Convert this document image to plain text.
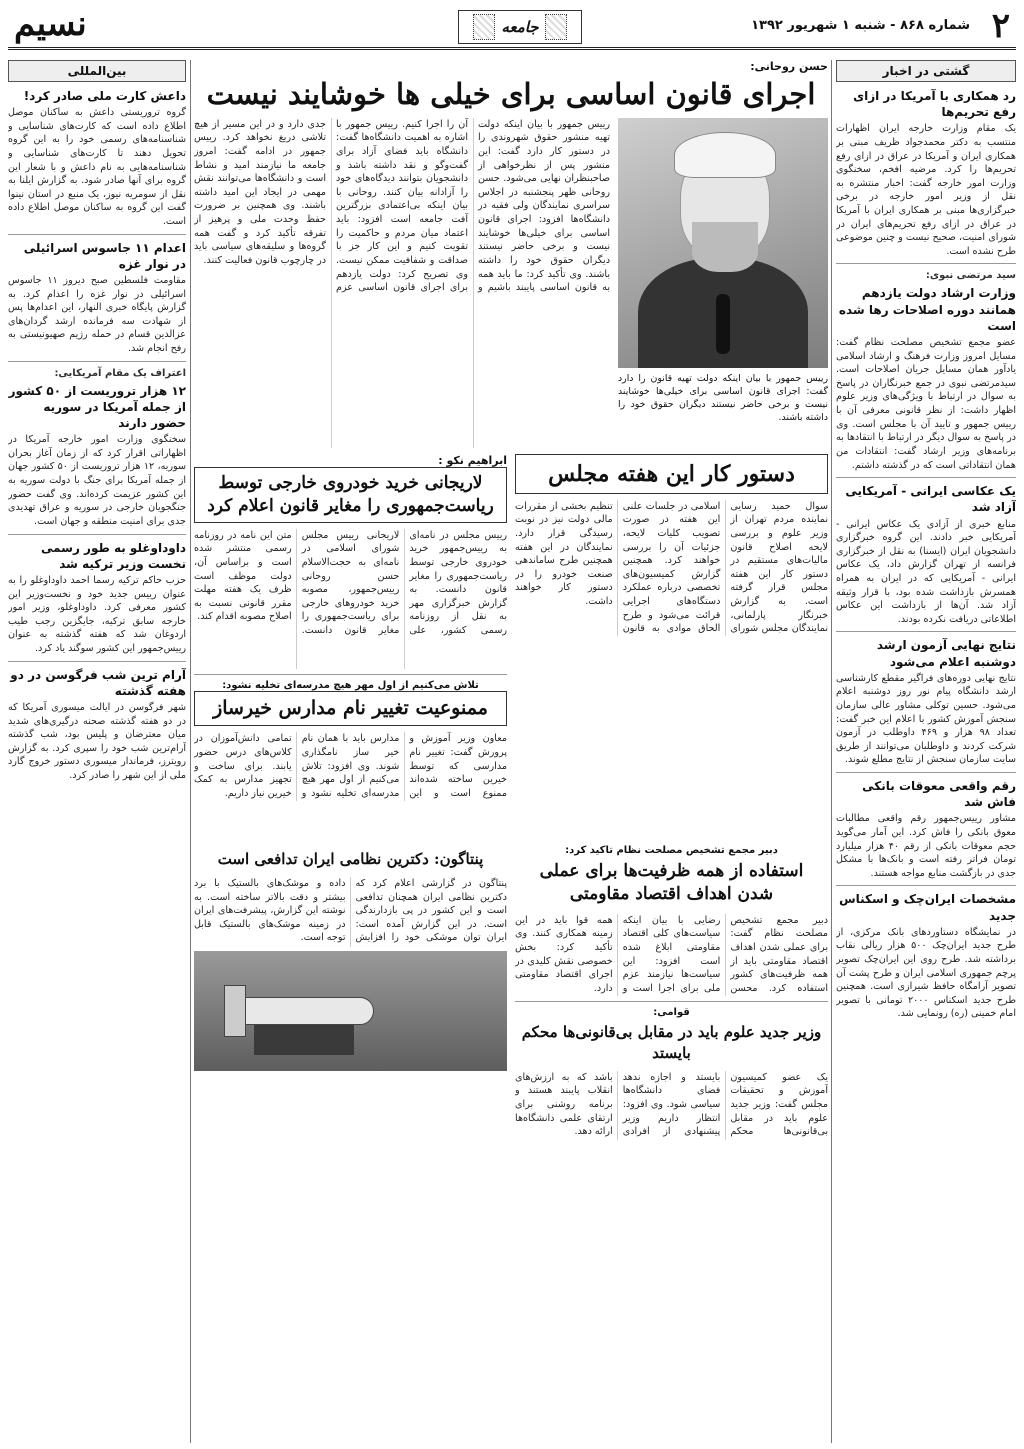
۲
شماره ۸۶۸ - شنبه ۱ شهریور ۱۳۹۲
جامعه
نسیم
گشتی در اخبار
رد همکاری با آمریکا در ازای رفع تحریم‌ها

یک مقام وزارت خارجه ایران اظهارات منتسب به دکتر محمدجواد ظریف مبنی بر همکاری ایران و آمریکا در عراق در ازای رفع تحریم‌ها را کرد. مرضیه افخم، سخنگوی وزارت امور خارجه گفت: اخبار منتشره به نقل از وزیر امور خارجه در برخی خبرگزاری‌ها مبنی بر همکاری ایران با آمریکا در عراق در ازای رفع تحریم‌های ایران در شورای امنیت، صحیح نیست و چنین موضوعی طرح نشده است.

سید مرتضی نبوی:
وزارت ارشاد دولت یازدهم همانند دوره اصلاحات رها شده است

عضو مجمع تشخیص مصلحت نظام گفت: مسایل امروز وزارت فرهنگ و ارشاد اسلامی یادآور همان مسایل جریان اصلاحات است. سیدمرتضی نبوی در جمع خبرنگاران در پاسخ به سوال در ارتباط با ویژگی‌های وزیر علوم اظهار داشت: از نظر قانونی معرفی آن با رییس جمهور و تایید آن با مجلس است. وی در پاسخ به سوال دیگر در ارتباط با انتقادها به برنامه‌های وزیر ارشاد گفت: انتقادات من همان انتقاداتی است که در گذشته داشتم.

یک عکاسی ایرانی - آمریکایی آزاد شد

منابع خبری از آزادی یک عکاس ایرانی - آمریکایی خبر دادند. این گروه خبرگزاری دانشجویان ایران (ایسنا) به نقل از خبرگزاری فرانسه از تهران گزارش داد، یک عکاس ایرانی - آمریکایی که در ایران به همراه همسرش بازداشت شده بود، با قرار وثیقه آزاد شد. آن‌ها از بازداشت این عکاس اطلاعاتی دریافت نکرده بودند.

نتایج نهایی آزمون ارشد دوشنبه اعلام می‌شود

نتایج نهایی دوره‌های فراگیر مقطع کارشناسی ارشد دانشگاه پیام نور روز دوشنبه اعلام می‌شود. حسین توکلی مشاور عالی سازمان سنجش آموزش کشور با اعلام این خبر گفت: تعداد ۹۸ هزار و ۴۶۹ داوطلب در آزمون شرکت کردند و داوطلبان می‌توانند از طریق سایت سازمان سنجش از نتایج مطلع شوند.

رقم واقعی معوقات بانکی فاش شد

مشاور رییس‌جمهور رقم واقعی مطالبات معوق بانکی را فاش کرد. این آمار می‌گوید حجم معوقات بانکی از رقم ۴۰ هزار میلیارد تومان فراتر رفته است و بانک‌ها با مشکل جدی در بازگشت منابع مواجه هستند.

مشخصات ایران‌چک و اسکناس جدید

در نمایشگاه دستاوردهای بانک مرکزی، از طرح جدید ایران‌چک ۵۰۰ هزار ریالی نقاب برداشته شد. طرح روی این ایران‌چک تصویر پرچم جمهوری اسلامی ایران و طرح پشت آن تصویر آرامگاه حافظ شیرازی است. همچنین طرح جدید اسکناس ۲۰۰۰ تومانی با تصویر امام خمینی (ره) رونمایی شد.

بین‌المللی
داعش کارت ملی صادر کرد!

گروه تروریستی داعش به ساکنان موصل اطلاع داده است که کارت‌های شناسایی و شناسنامه‌های رسمی خود را به این گروه تحویل دهند تا کارت‌های شناسایی و شناسنامه‌هایی به نام داعش و با شعار این گروه برای آنها صادر شود. به گزارش ایلنا به نقل از سومریه نیوز، یک منبع در استان نینوا گفت این گروه به ساکنان موصل اطلاع داده است.

اعدام ۱۱ جاسوس اسرائیلی در نوار غزه

مقاومت فلسطین صبح دیروز ۱۱ جاسوس اسرائیلی در نوار غزه را اعدام کرد. به گزارش پایگاه خبری النهار، این اعدام‌ها پس از شهادت سه فرمانده ارشد گردان‌های عزالدین قسام در حمله رژیم صهیونیستی به رفح انجام شد.

اعتراف یک مقام آمریکایی:
۱۲ هزار تروریست از ۵۰ کشور از جمله آمریکا در سوریه حضور دارند

سخنگوی وزارت امور خارجه آمریکا در اظهاراتی اقرار کرد که از زمان آغاز بحران سوریه، ۱۲ هزار تروریست از ۵۰ کشور جهان از جمله آمریکا برای جنگ با دولت سوریه به این کشور عزیمت کرده‌اند. وی گفت حضور جنگجویان خارجی در سوریه و عراق تهدیدی جدی برای امنیت منطقه و جهان است.

داوداوغلو به طور رسمی نخست وزیر ترکیه شد

حزب حاکم ترکیه رسما احمد داوداوغلو را به عنوان رییس جدید خود و نخست‌وزیر این کشور معرفی کرد. داوداوغلو، وزیر امور خارجه سابق ترکیه، جایگزین رجب طیب اردوغان شد که هفته گذشته به عنوان رییس‌جمهور این کشور سوگند یاد کرد.

آرام ترین شب فرگوسن در دو هفته گذشته

شهر فرگوسن در ایالت میسوری آمریکا که در دو هفته گذشته صحنه درگیری‌های شدید میان معترضان و پلیس بود، شب گذشته آرام‌ترین شب خود را سپری کرد. به گزارش رویترز، فرماندار میسوری دستور خروج گارد ملی از این شهر را صادر کرد.

حسن روحانی:
اجرای قانون اساسی برای خیلی ها خوشایند نیست

رییس جمهور با بیان اینکه دولت تهیه قانون را دارد گفت: اجرای قانون اساسی برای خیلی‌ها خوشایند نیست و برخی حاضر نیستند دیگران حقوق خود را داشته باشند.

رییس جمهور با بیان اینکه دولت تهیه منشور حقوق شهروندی را در دستور کار دارد گفت: این منشور پس از نظرخواهی از صاحبنظران نهایی می‌شود. حسن روحانی ظهر پنجشنبه در اجلاس سراسری نمایندگان ولی فقیه در دانشگاه‌ها افزود: اجرای قانون اساسی برای خیلی‌ها خوشایند نیست و برخی حاضر نیستند دیگران حقوق خود را داشته باشند. وی تأکید کرد: ما باید همه به قانون اساسی پایبند باشیم و آن را اجرا کنیم. رییس جمهور با اشاره به اهمیت دانشگاه‌ها گفت: دانشگاه باید فضای آزاد برای گفت‌وگو و نقد داشته باشد و دانشجویان بتوانند دیدگاه‌های خود را آزادانه بیان کنند. روحانی با بیان اینکه بی‌اعتمادی بزرگترین آفت جامعه است افزود: باید اعتماد میان مردم و حاکمیت را تقویت کنیم و این کار جز با صداقت و شفافیت ممکن نیست. وی تصریح کرد: دولت یازدهم برای اجرای قانون اساسی عزم جدی دارد و در این مسیر از هیچ تلاشی دریغ نخواهد کرد. رییس جمهور در ادامه گفت: امروز جامعه ما نیازمند امید و نشاط است و دانشگاه‌ها می‌توانند نقش مهمی در ایجاد این امید داشته باشند. وی همچنین بر ضرورت حفظ وحدت ملی و پرهیز از تفرقه تأکید کرد و گفت همه گروه‌ها و سلیقه‌های سیاسی باید در چارچوب قانون فعالیت کنند.

دستور کار این هفته مجلس

سوال حمید رسایی نماینده مردم تهران از وزیر علوم و بررسی لایحه اصلاح قانون مالیات‌های مستقیم در دستور کار این هفته مجلس قرار گرفته است. به گزارش خبرنگار پارلمانی، نمایندگان مجلس شورای اسلامی در جلسات علنی این هفته در صورت تصویب کلیات لایحه، جزئیات آن را بررسی خواهند کرد. همچنین گزارش کمیسیون‌های تخصصی درباره عملکرد دستگاه‌های اجرایی قرائت می‌شود و طرح الحاق موادی به قانون تنظیم بخشی از مقررات مالی دولت نیز در نوبت رسیدگی قرار دارد. نمایندگان در این هفته همچنین طرح ساماندهی صنعت خودرو را در دستور کار خواهند داشت.

ابراهیم نکو :
لاریجانی خرید خودروی خارجی توسط ریاست‌جمهوری را مغایر قانون اعلام کرد

رییس مجلس در نامه‌ای به رییس‌جمهور خرید خودروی خارجی توسط ریاست‌جمهوری را مغایر قانون دانست. به گزارش خبرگزاری مهر به نقل از روزنامه رسمی کشور، علی لاریجانی رییس مجلس شورای اسلامی در نامه‌ای به حجت‌الاسلام حسن روحانی رییس‌جمهور، مصوبه خرید خودروهای خارجی برای ریاست‌جمهوری را مغایر قانون دانست. متن این نامه در روزنامه رسمی منتشر شده است و براساس آن، دولت موظف است ظرف یک هفته مهلت مقرر قانونی نسبت به اصلاح مصوبه اقدام کند.

تلاش می‌کنیم از اول مهر هیچ مدرسه‌ای تخلیه نشود:
ممنوعیت تغییر نام مدارس خیرساز

معاون وزیر آموزش و پرورش گفت: تغییر نام مدارسی که توسط خیرین ساخته شده‌اند ممنوع است و این مدارس باید با همان نام خیر ساز نامگذاری شوند. وی افزود: تلاش می‌کنیم از اول مهر هیچ مدرسه‌ای تخلیه نشود و تمامی دانش‌آموزان در کلاس‌های درس حضور یابند. برای ساخت و تجهیز مدارس به کمک خیرین نیاز داریم.

دبیر مجمع تشخیص مصلحت نظام تاکید کرد:
استفاده از همه ظرفیت‌ها برای عملی شدن اهداف اقتصاد مقاومتی

دبیر مجمع تشخیص مصلحت نظام گفت: برای عملی شدن اهداف اقتصاد مقاومتی باید از همه ظرفیت‌های کشور استفاده کرد. محسن رضایی با بیان اینکه سیاست‌های کلی اقتصاد مقاومتی ابلاغ شده است افزود: این سیاست‌ها نیازمند عزم ملی برای اجرا است و همه قوا باید در این زمینه همکاری کنند. وی تأکید کرد: بخش خصوصی نقش کلیدی در اجرای اقتصاد مقاومتی دارد.

قوامی:
وزیر جدید علوم باید در مقابل بی‌قانونی‌ها محکم بایستد

یک عضو کمیسیون آموزش و تحقیقات مجلس گفت: وزیر جدید علوم باید در مقابل بی‌قانونی‌ها محکم بایستد و اجازه ندهد فضای دانشگاه‌ها سیاسی شود. وی افزود: انتظار داریم وزیر پیشنهادی از افرادی باشد که به ارزش‌های انقلاب پایبند هستند و برنامه روشنی برای ارتقای علمی دانشگاه‌ها ارائه دهد.

پنتاگون: دکترین نظامی ایران تدافعی است

پنتاگون در گزارشی اعلام کرد که دکترین نظامی ایران همچنان تدافعی است و این کشور در پی بازدارندگی است. در این گزارش آمده است: ایران توان موشکی خود را افزایش داده و موشک‌های بالستیک با برد بیشتر و دقت بالاتر ساخته است. به نوشته این گزارش، پیشرفت‌های ایران در زمینه موشک‌های بالستیک قابل توجه است.
